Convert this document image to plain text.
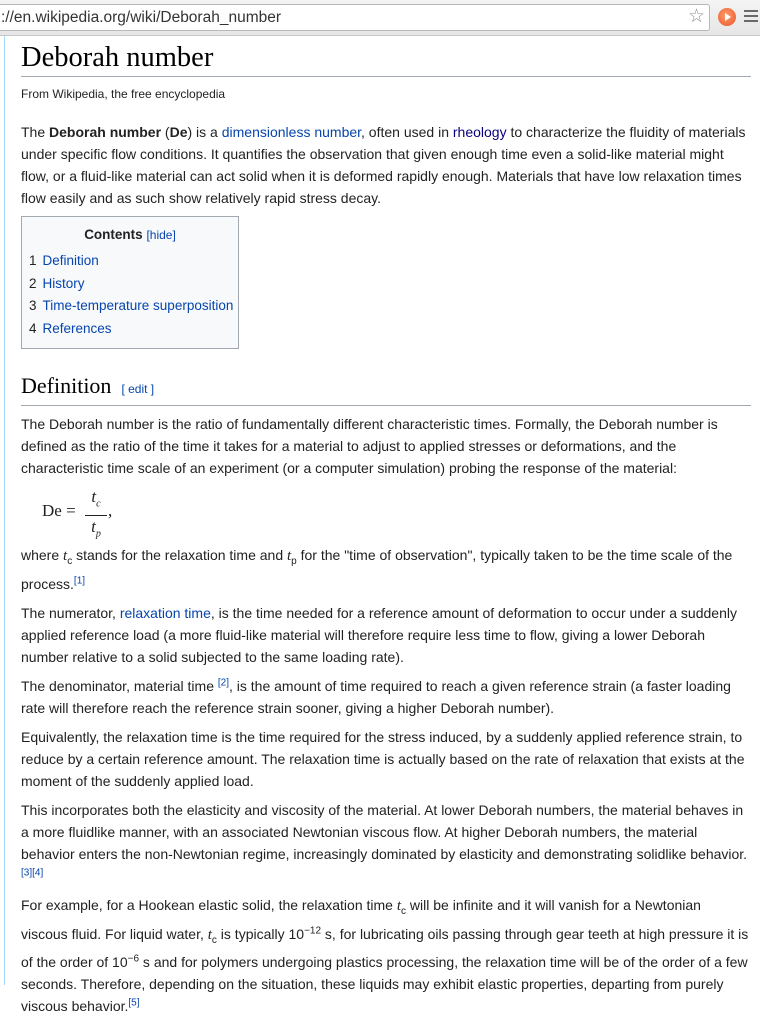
://en.wikipedia.org/wiki/Deborah_number	☆
Deborah number
From Wikipedia, the free encyclopedia

The Deborah number (De) is a dimensionless number, often used in rheology to characterize the fluidity of materials under specific flow conditions. It quantifies the observation that given enough time even a solid-like material might flow, or a fluid-like material can act solid when it is deformed rapidly enough. Materials that have low relaxation times flow easily and as such show relatively rapid stress decay.

Contents [hide]
1 Definition
2 History
3 Time-temperature superposition
4 References
Definition [ edit ]

The Deborah number is the ratio of fundamentally different characteristic times. Formally, the Deborah number is defined as the ratio of the time it takes for a material to adjust to applied stresses or deformations, and the characteristic time scale of an experiment (or a computer simulation) probing the response of the material:

De =
$t_c$
$t_p$
,

where $t_c$ stands for the relaxation time and $t_p$ for the "time of observation", typically taken to be the time scale of the process.[1]

The numerator, relaxation time, is the time needed for a reference amount of deformation to occur under a suddenly applied reference load (a more fluid-like material will therefore require less time to flow, giving a lower Deborah number relative to a solid subjected to the same loading rate).

The denominator, material time [2], is the amount of time required to reach a given reference strain (a faster loading rate will therefore reach the reference strain sooner, giving a higher Deborah number).

Equivalently, the relaxation time is the time required for the stress induced, by a suddenly applied reference strain, to reduce by a certain reference amount. The relaxation time is actually based on the rate of relaxation that exists at the moment of the suddenly applied load.

This incorporates both the elasticity and viscosity of the material. At lower Deborah numbers, the material behaves in a more fluidlike manner, with an associated Newtonian viscous flow. At higher Deborah numbers, the material behavior enters the non-Newtonian regime, increasingly dominated by elasticity and demonstrating solidlike behavior.[3][4]

For example, for a Hookean elastic solid, the relaxation time $t_c$ will be infinite and it will vanish for a Newtonian viscous fluid. For liquid water, $t_c$ is typically $10^{-12}$ s, for lubricating oils passing through gear teeth at high pressure it is of the order of $10^{-6}$ s and for polymers undergoing plastics processing, the relaxation time will be of the order of a few seconds. Therefore, depending on the situation, these liquids may exhibit elastic properties, departing from purely viscous behavior.[5]
